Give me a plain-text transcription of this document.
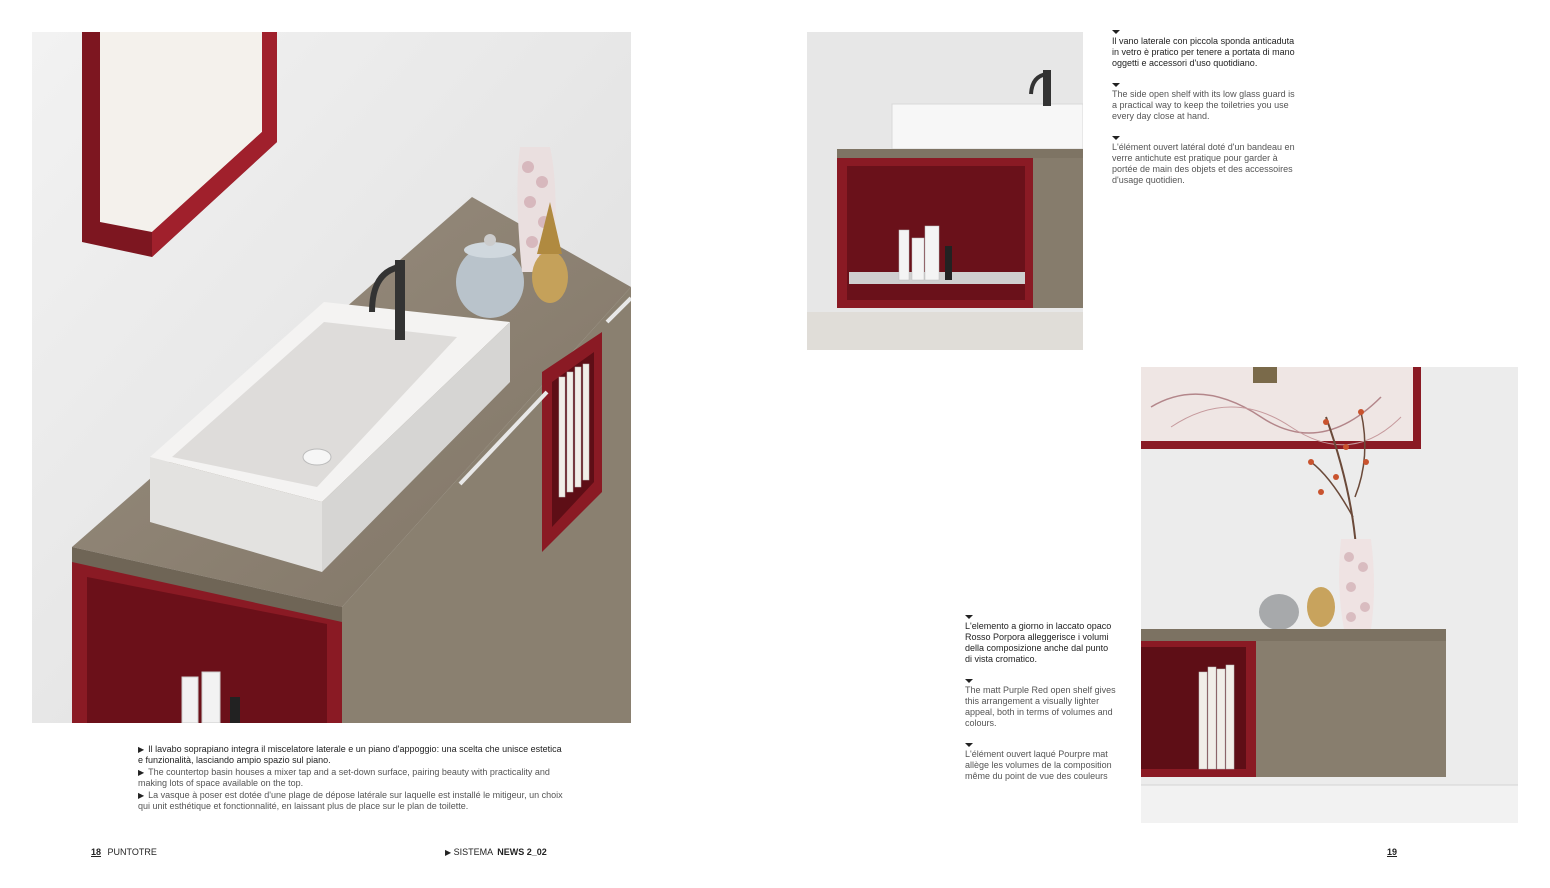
▶ Il lavabo soprapiano integra il miscelatore laterale e un piano d'appoggio: una scelta che unisce estetica e funzionalità, lasciando ampio spazio sul piano.
▶ The countertop basin houses a mixer tap and a set-down surface, pairing beauty with practicality and making lots of space available on the top.
▶ La vasque à poser est dotée d'une plage de dépose latérale sur laquelle est installé le mitigeur, un choix qui unit esthétique et fonctionnalité, en laissant plus de place sur le plan de toilette.
Il vano laterale con piccola sponda anticaduta in vetro è pratico per tenere a portata di mano oggetti e accessori d'uso quotidiano.
The side open shelf with its low glass guard is a practical way to keep the toiletries you use every day close at hand.
L'élément ouvert latéral doté d'un bandeau en verre antichute est pratique pour garder à portée de main des objets et des accessoires d'usage quotidien.
L'elemento a giorno in laccato opaco Rosso Porpora alleggerisce i volumi della composizione anche dal punto di vista cromatico.
The matt Purple Red open shelf gives this arrangement a visually lighter appeal, both in terms of volumes and colours.
L'élément ouvert laqué Pourpre mat allège les volumes de la composition même du point de vue des couleurs
18 PUNTOTRE	▶ SISTEMA NEWS 2_02	19
